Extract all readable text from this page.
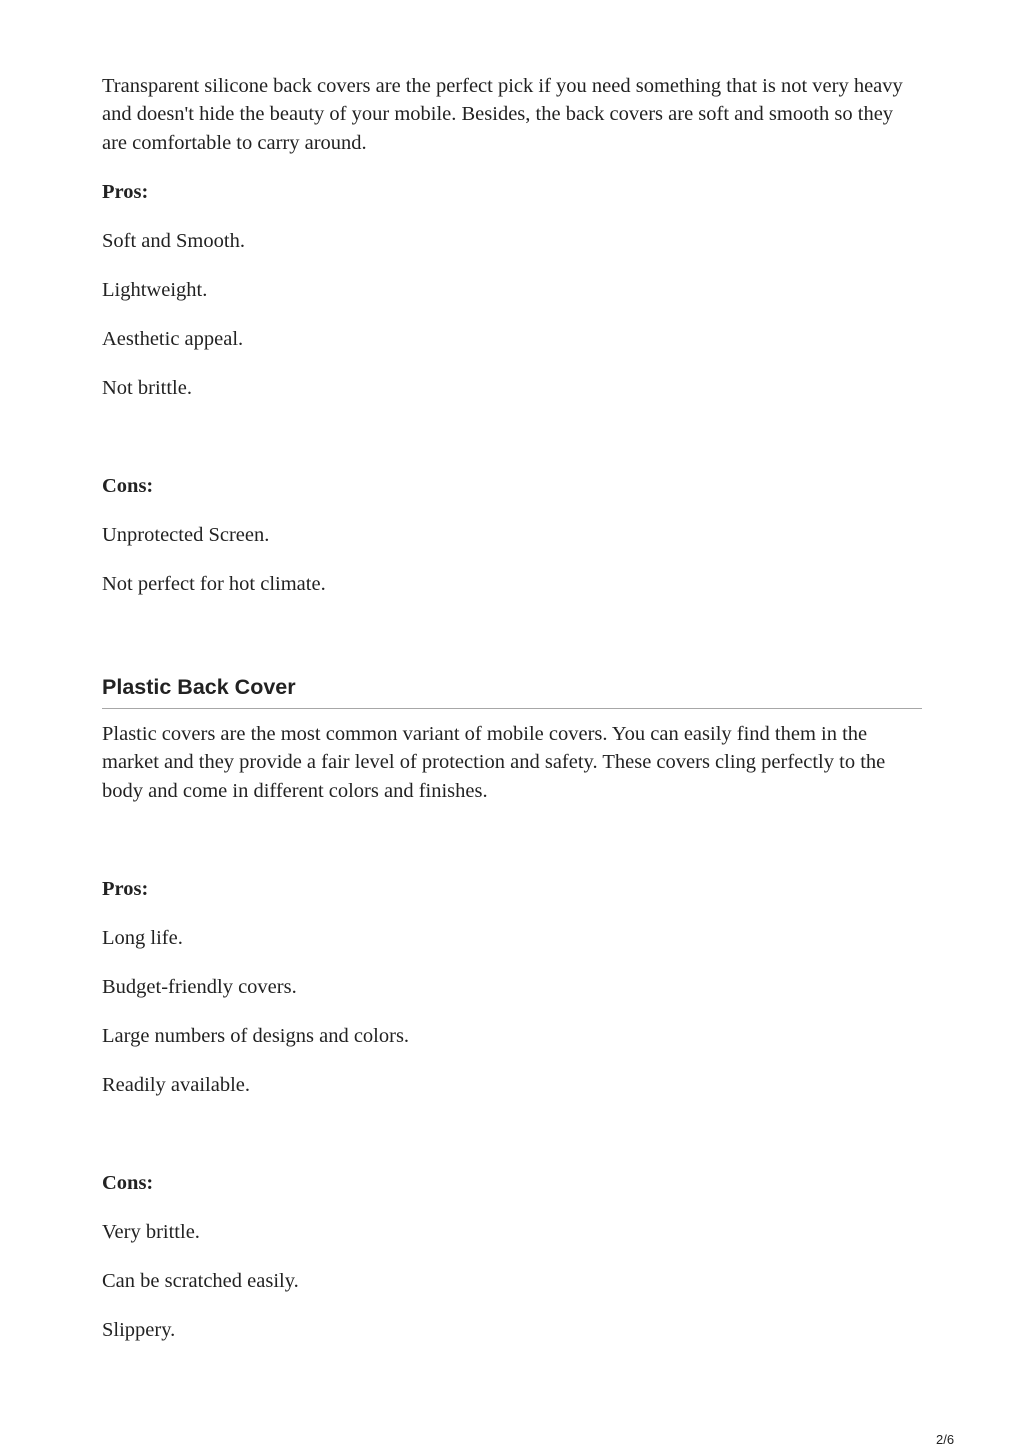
Transparent silicone back covers are the perfect pick if you need something that is not very heavy and doesn't hide the beauty of your mobile. Besides, the back covers are soft and smooth so they are comfortable to carry around.

Pros:

Soft and Smooth.

Lightweight.

Aesthetic appeal.

Not brittle.

Cons:

Unprotected Screen.

Not perfect for hot climate.

Plastic Back Cover

Plastic covers are the most common variant of mobile covers. You can easily find them in the market and they provide a fair level of protection and safety. These covers cling perfectly to the body and come in different colors and finishes.

Pros:

Long life.

Budget-friendly covers.

Large numbers of designs and colors.

Readily available.

Cons:

Very brittle.

Can be scratched easily.

Slippery.

2/6
